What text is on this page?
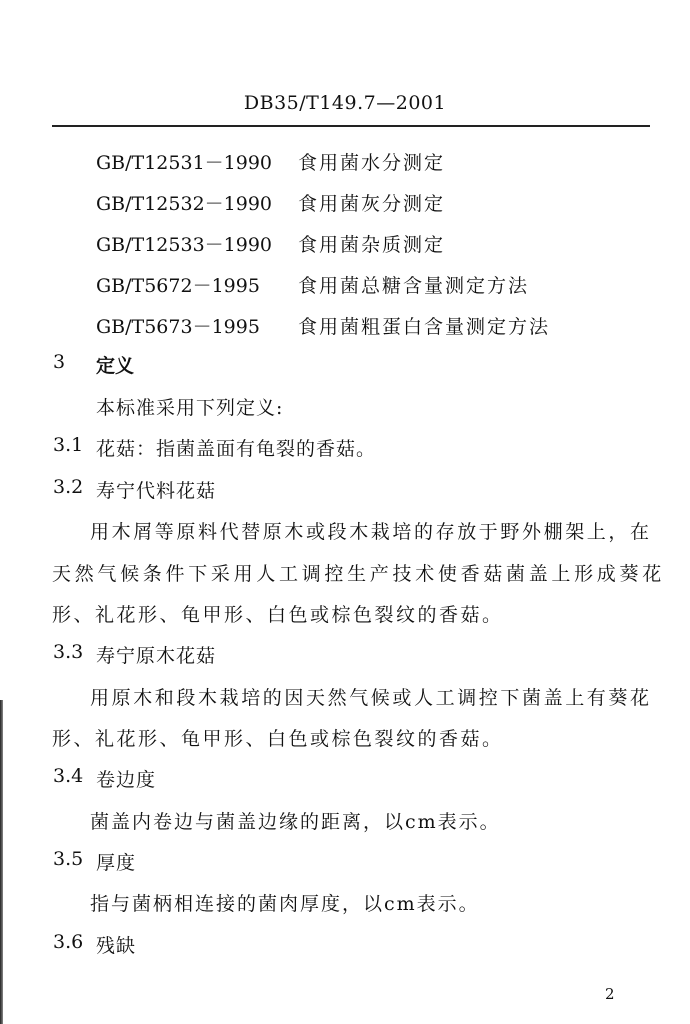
DB35/T149.7—2001
GB/T12531－1990 食用菌水分测定
GB/T12532－1990 食用菌灰分测定
GB/T12533－1990 食用菌杂质测定
GB/T5672－1995 食用菌总糖含量测定方法
GB/T5673－1995 食用菌粗蛋白含量测定方法
3 定义
本标准采用下列定义:
3.1 花菇：指菌盖面有龟裂的香菇。
3.2 寿宁代料花菇
用木屑等原料代替原木或段木栽培的存放于野外棚架上，在
天然气候条件下采用人工调控生产技术使香菇菌盖上形成葵花
形、礼花形、龟甲形、白色或棕色裂纹的香菇。
3.3 寿宁原木花菇
用原木和段木栽培的因天然气候或人工调控下菌盖上有葵花
形、礼花形、龟甲形、白色或棕色裂纹的香菇。
3.4 卷边度
菌盖内卷边与菌盖边缘的距离，以cm表示。
3.5 厚度
指与菌柄相连接的菌肉厚度，以cm表示。
3.6 残缺
2
